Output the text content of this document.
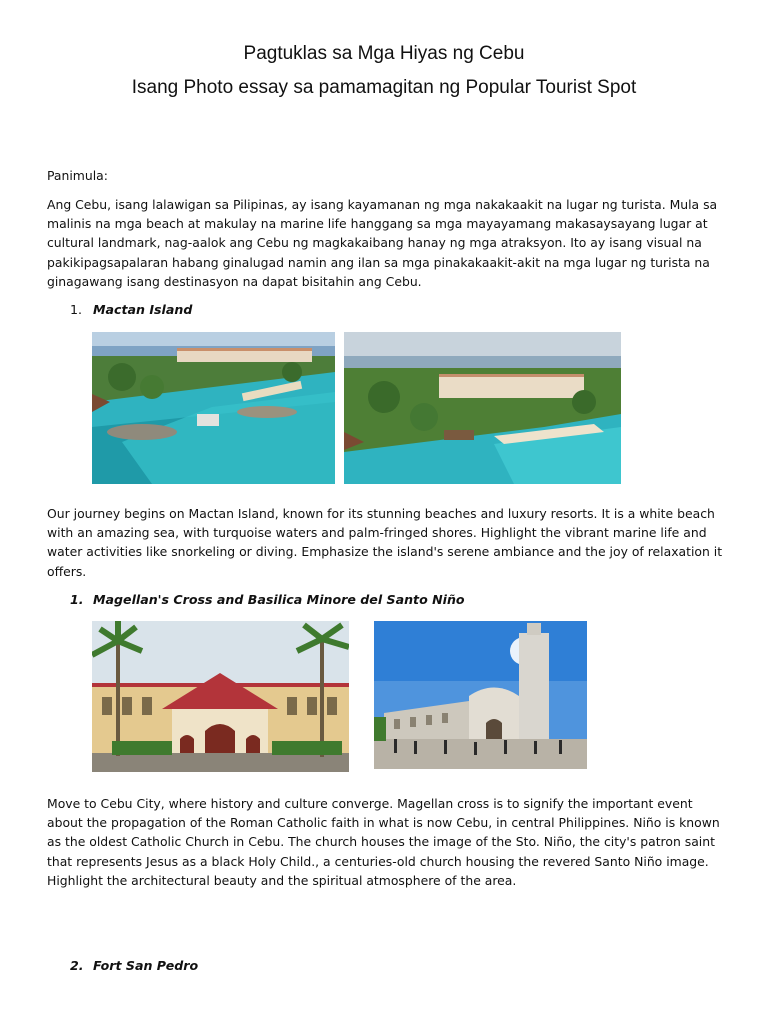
Pagtuklas sa Mga Hiyas ng Cebu
Isang Photo essay sa pamamagitan ng Popular Tourist Spot
Panimula:
Ang Cebu, isang lalawigan sa Pilipinas, ay isang kayamanan ng mga nakakaakit na lugar ng turista. Mula sa malinis na mga beach at makulay na marine life hanggang sa mga mayayamang makasaysayang lugar at cultural landmark, nag-aalok ang Cebu ng magkakaibang hanay ng mga atraksyon. Ito ay isang visual na pakikipagsapalaran habang ginalugad namin ang ilan sa mga pinakakaakit-akit na mga lugar ng turista na ginagawang isang destinasyon na dapat bisitahin ang Cebu.
1. Mactan Island
Our journey begins on Mactan Island, known for its stunning beaches and luxury resorts. It is a white beach with an amazing sea, with turquoise waters and palm-fringed shores. Highlight the vibrant marine life and water activities like snorkeling or diving. Emphasize the island's serene ambiance and the joy of relaxation it offers.
1. Magellan's Cross and Basilica Minore del Santo Niño
Move to Cebu City, where history and culture converge. Magellan cross is to signify the important event about the propagation of the Roman Catholic faith in what is now Cebu, in central Philippines. Niño is known as the oldest Catholic Church in Cebu. The church houses the image of the Sto. Niño, the city's patron saint that represents Jesus as a black Holy Child., a centuries-old church housing the revered Santo Niño image. Highlight the architectural beauty and the spiritual atmosphere of the area.
2. Fort San Pedro
